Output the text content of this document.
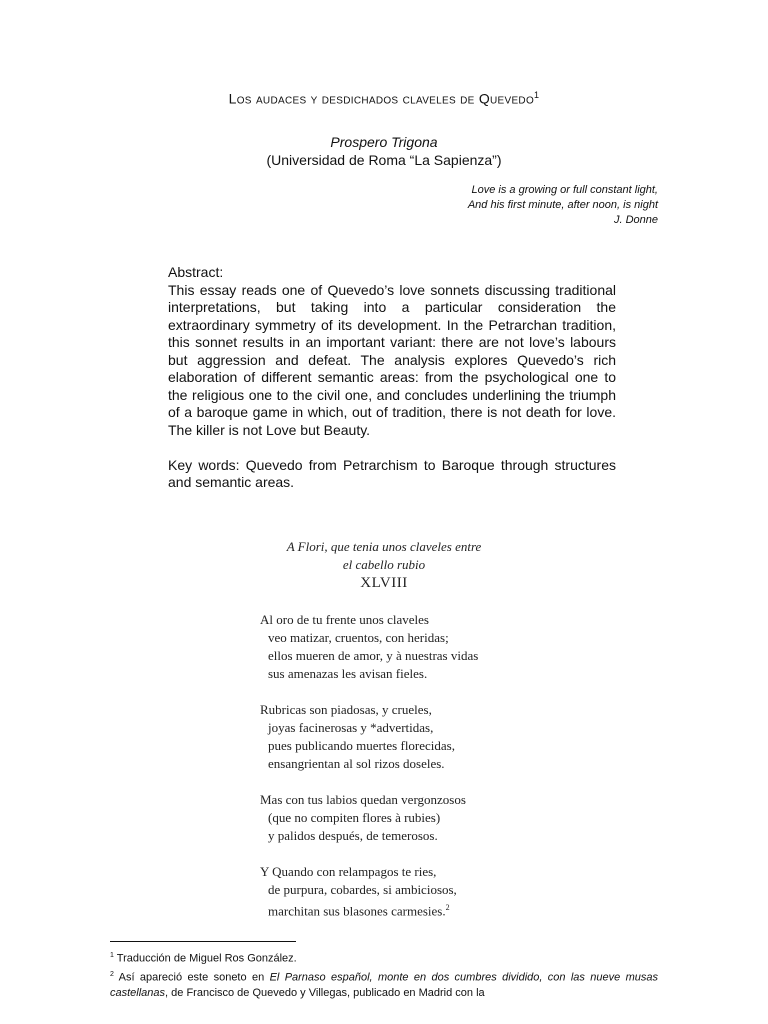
Los audaces y desdichados claveles de Quevedo$^1$
Prospero Trigona
(Universidad de Roma “La Sapienza”)
Love is a growing or full constant light,
And his first minute, after noon, is night
J. Donne

Abstract:

This essay reads one of Quevedo’s love sonnets discussing traditional interpretations, but taking into a particular consideration the extraordinary symmetry of its development. In the Petrarchan tradition, this sonnet results in an important variant: there are not love’s labours but aggression and defeat. The analysis explores Quevedo’s rich elaboration of different semantic areas: from the psychological one to the religious one to the civil one, and concludes underlining the triumph of a baroque game in which, out of tradition, there is not death for love. The killer is not Love but Beauty.

Key words: Quevedo from Petrarchism to Baroque through structures and semantic areas.

A Flori, que tenia unos claveles entre
el cabello rubio
XLVIII
Al oro de tu frente unos claveles
veo matizar, cruentos, con heridas;
ellos mueren de amor, y à nuestras vidas
sus amenazas les avisan fieles.
Rubricas son piadosas, y crueles,
joyas facinerosas y *advertidas,
pues publicando muertes florecidas,
ensangrientan al sol rizos doseles.
Mas con tus labios quedan vergonzosos
(que no compiten flores à rubies)
y palidos después, de temerosos.
Y Quando con relampagos te ries,
de purpura, cobardes, si ambiciosos,
marchitan sus blasones carmesies.$^2$

$^1$ Traducción de Miguel Ros González.

$^2$ Así apareció este soneto en El Parnaso español, monte en dos cumbres dividido, con las nueve musas castellanas, de Francisco de Quevedo y Villegas, publicado en Madrid con la
